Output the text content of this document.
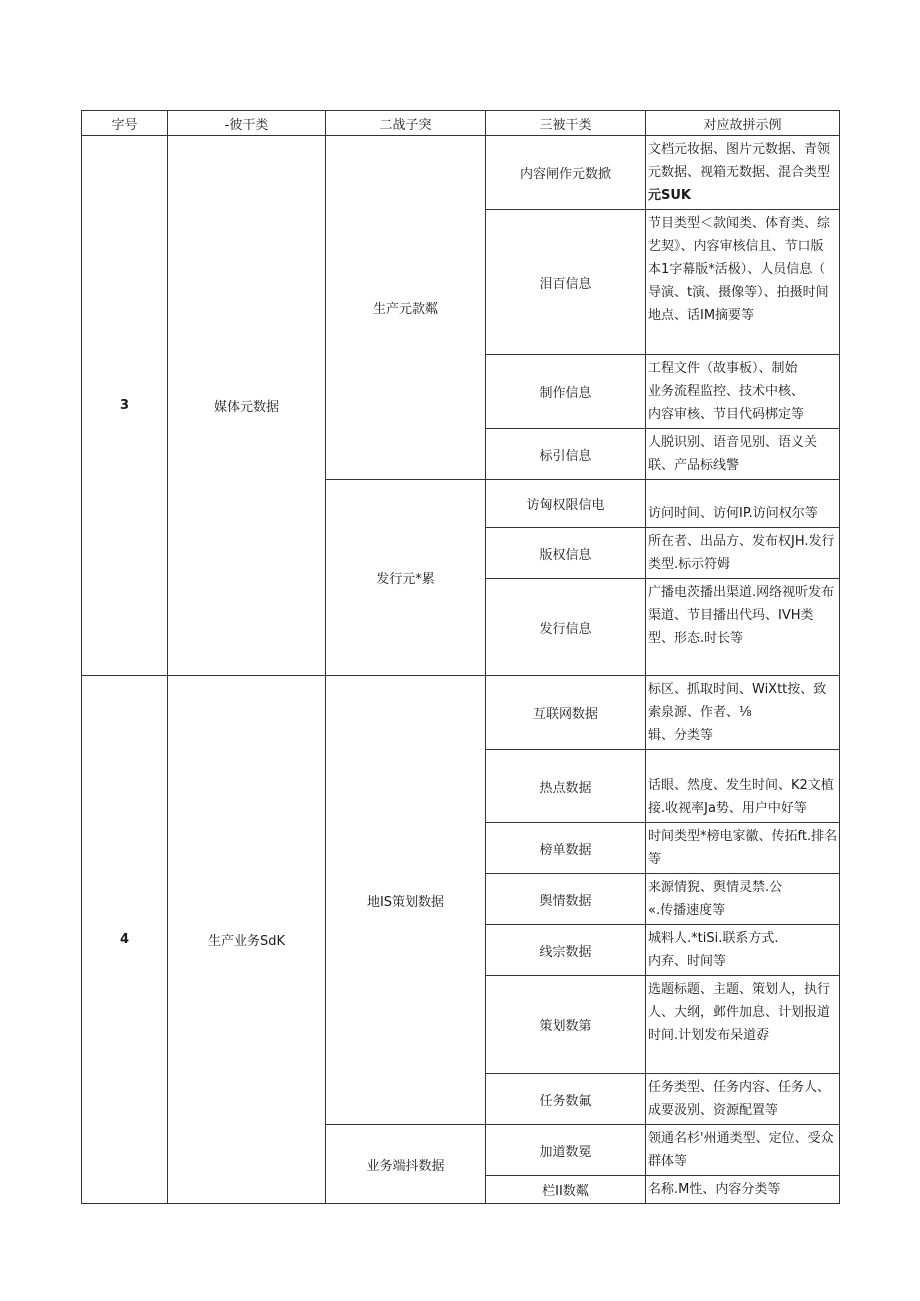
字号	-彼干类	二战子突	三被干类	对应故拼示例
3	媒体元数据	生产元款粼	内容闸作元数掀	文档元妆据、图片元数据、青领
元数据、视箱无数据、混合类型
元SUK

			泪百信息	节目类型＜款闻类、体育类、综
艺契》、内容审核信且、节口版
本1字幕版*活极）、人员信息（
导演、t演、摄像等）、拍摄时间
地点、话IM摘要等

			制作信息	工程文件（故事板）、制始
业务流程监控、技术中核、
内容审核、节目代码梆定等

			标引信息	人脱识别、语音见别、语义关
联、产品标线警

		发行元*累	访匈权限信电	访问时间、访何IP.访问权尔等

			版权信息	所在者、出品方、发布权JH.发行
类型.标示符姆

			发行信息	广播电茨播出渠道.网络视听发布
渠道、节目播出代玛、IVH类
型、形态.时长等

4	生产业务SdK	地IS策划数据	互联网数据	标区、抓取时间、WiXtt按、致
索泉源、作者、⅛
辑、分类等

			热点数据	话眼、然度、发生时间、K2文植
接.收视率Ja势、用户中好等

			榜单数据	时间类型*榜电家徽、传拓ft.排名
等

			舆情数据	来源情猊、舆情灵禁.公
«.传播速度等

			线宗数据	城料人.*tiSi.联系方式.
内弃、时间等

			策划数第	选题标题、主题、策划人，执行
人、大纲，邺件加息、计划报道
时间.计划发布呆道孬

			任务数氟	任务类型、任务内容、任务人、
成要汲别、资源配置等

		业务端抖数据	加道数冕	领通名杉'州通类型、定位、受众
群体等

			栏II数粼	名称.M性、内容分类等
